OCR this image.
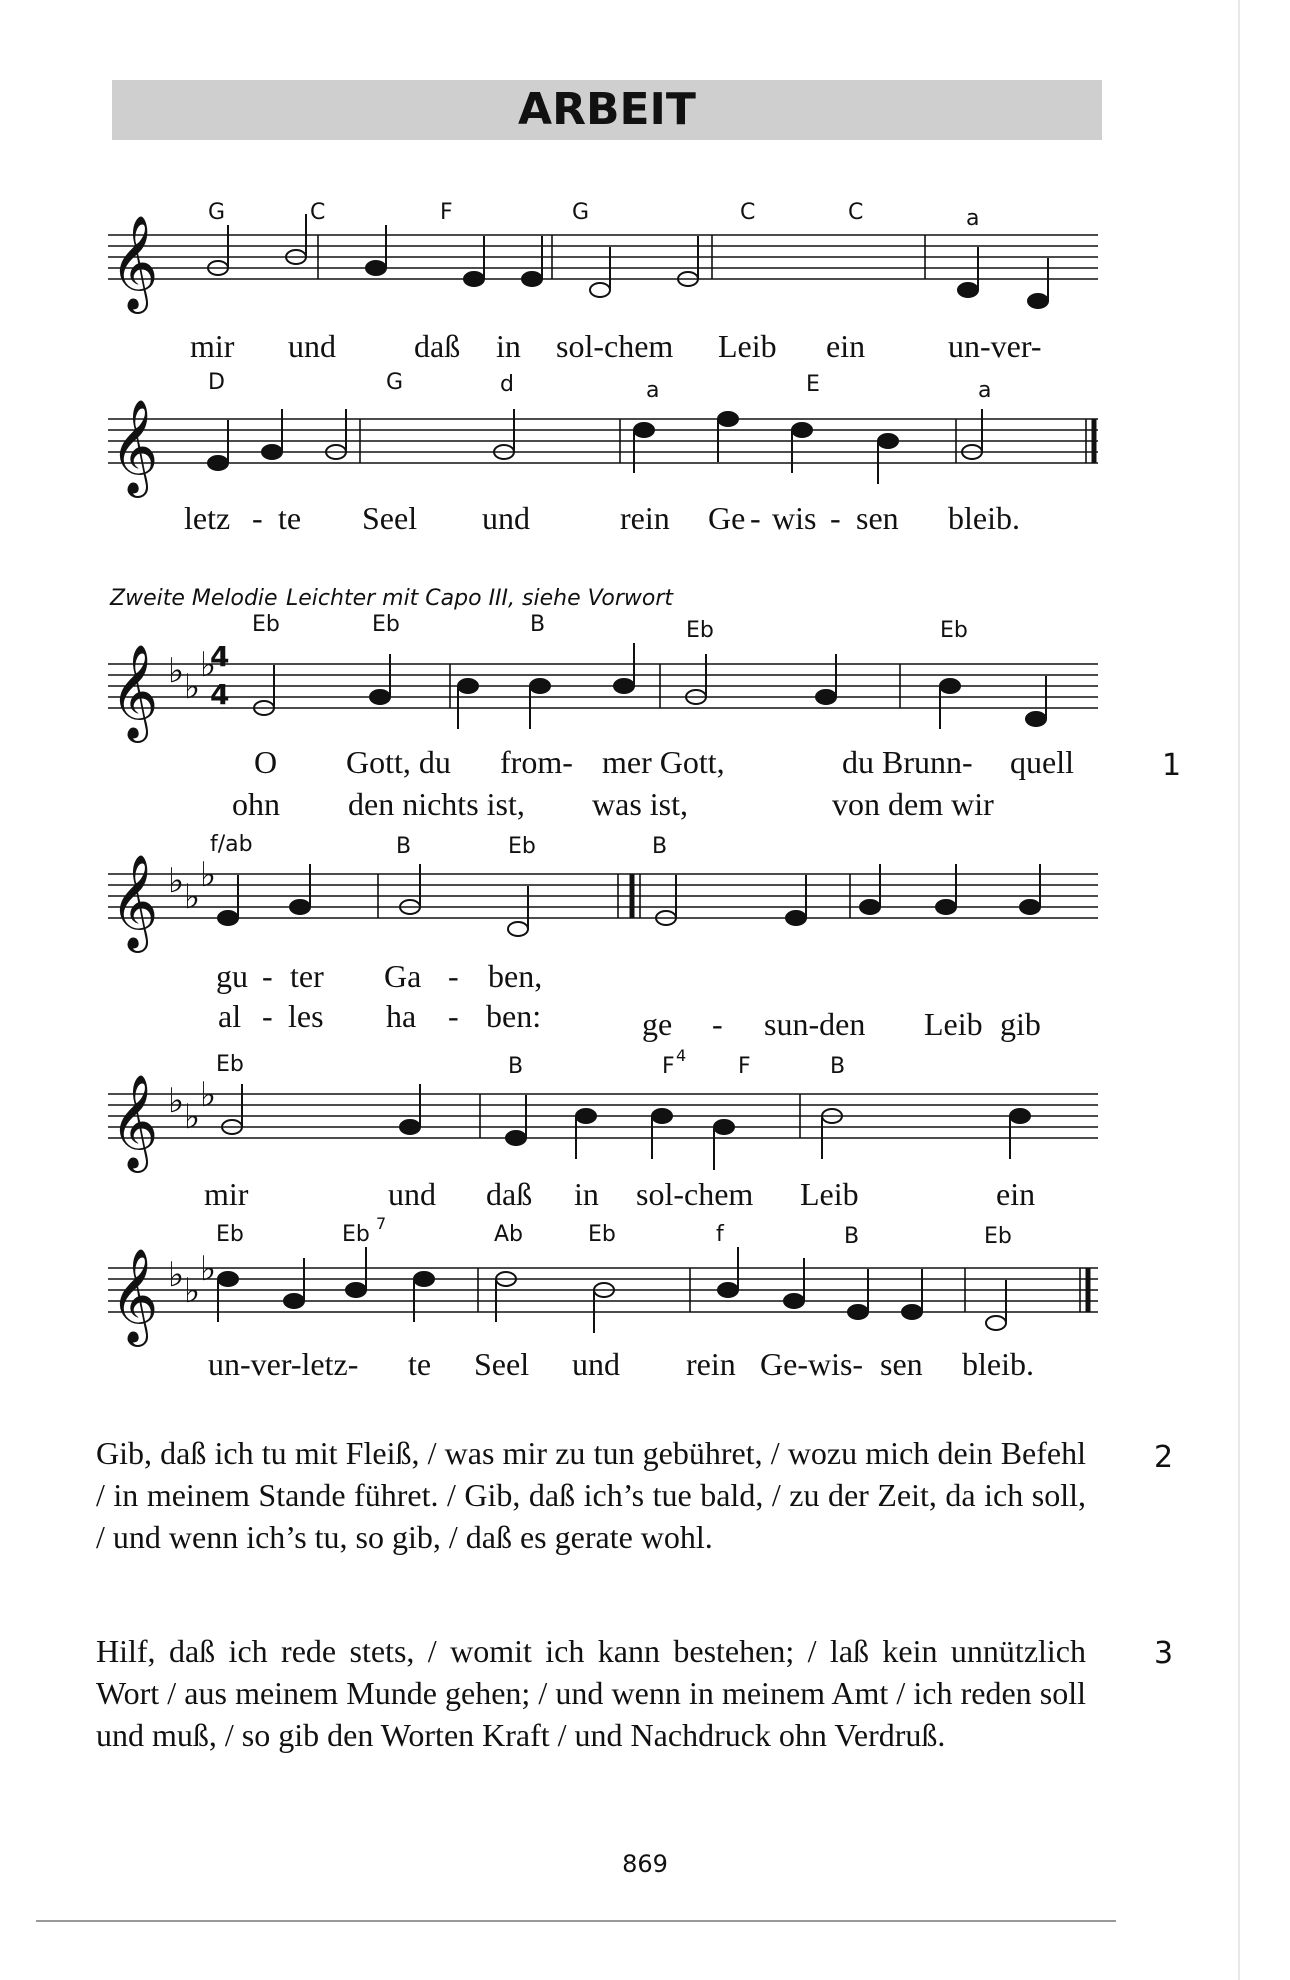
ARBEIT
𝄞
𝄞
𝄞
𝄞
𝄞
𝄞
♭ ♭
♭
♭ ♭
♭
♭ ♭
♭
♭ ♭
♭
4
4
G	C	F	G	C	C	a
mir und daß in sol-chem Leib ein	un-ver-
D	G	d	a	E	a
letz - te Seel und	rein Ge - wis - sen bleib.
Zweite Melodie Leichter mit Capo III, siehe Vorwort
Eb	Eb	B	Eb	Eb
O Gott, du from- mer Gott,	du Brunn- quell	1
ohn den nichts ist, was ist,	von dem wir
f/ab	B	Eb	B
gu - ter Ga - ben,
al - les ha - ben:	ge - sun-den Leib gib
Eb	B	F 4 F	B
mir	und daß in sol-chem Leib	ein
Eb	Eb 7	Ab	Eb	f	B	Eb
un-ver-letz- te Seel und rein Ge-wis- sen bleib.
Gib, daß ich tu mit Fleiß, / was mir zu tun gebühret, / wozu mich dein Befehl / in meinem Stande führet. / Gib, daß ich’s tue bald, / zu der Zeit, da ich soll, / und wenn ich’s tu, so gib, / daß es gerate wohl.
2
Hilf, daß ich rede stets, / womit ich kann bestehen; / laß kein unnützlich Wort / aus meinem Munde gehen; / und wenn in meinem Amt / ich reden soll und muß, / so gib den Worten Kraft / und Nachdruck ohn Verdruß.
3
869
